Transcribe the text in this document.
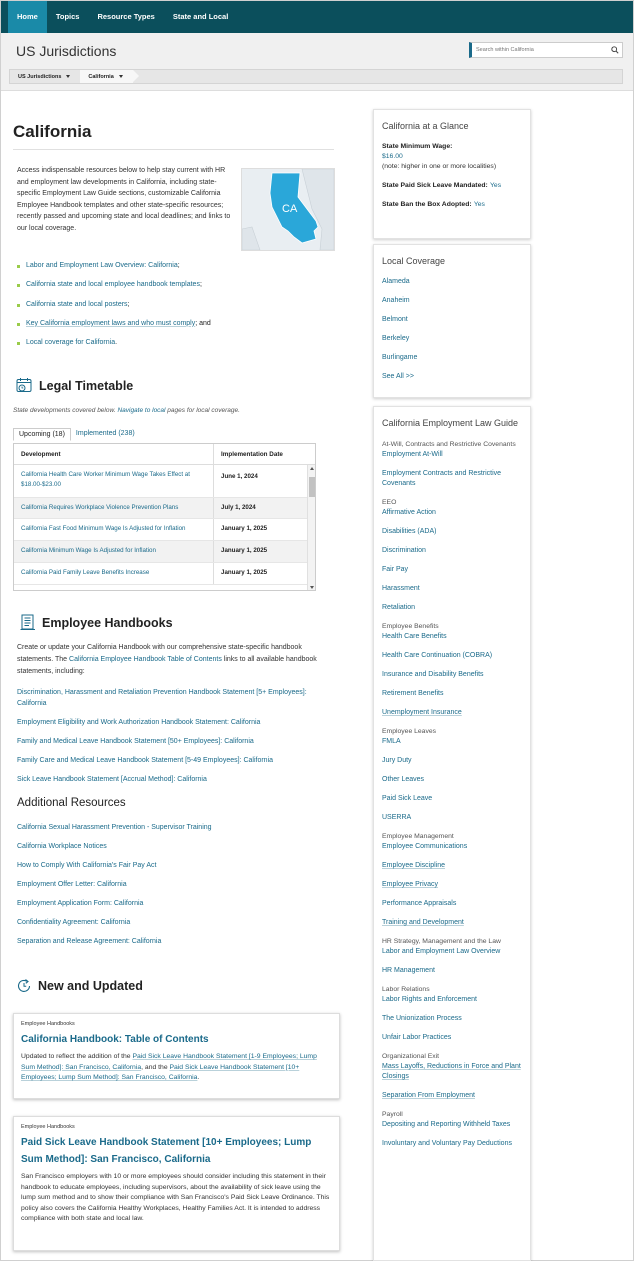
Home	Topics	Resource Types	State and Local
US Jurisdictions
Search within California
US Jurisdictions	California
California
Access indispensable resources below to help stay current with HR and employment law developments in California, including state-specific Employment Law Guide sections, customizable California Employee Handbook templates and other state-specific resources; recently passed and upcoming state and local deadlines; and links to our local coverage.
CA
Labor and Employment Law Overview: California;
California state and local employee handbook templates;
California state and local posters;
Key California employment laws and who must comply; and
Local coverage for California.
Legal Timetable
State developments covered below. Navigate to local pages for local coverage.
Upcoming (18)	Implemented (238)
Development	Implementation Date
California Health Care Worker Minimum Wage Takes Effect at $18.00-$23.00
June 1, 2024
California Requires Workplace Violence Prevention Plans	July 1, 2024
California Fast Food Minimum Wage Is Adjusted for Inflation	January 1, 2025
California Minimum Wage Is Adjusted for Inflation	January 1, 2025
California Paid Family Leave Benefits Increase	January 1, 2025
Employee Handbooks
Create or update your California Handbook with our comprehensive state-specific handbook statements. The California Employee Handbook Table of Contents links to all available handbook statements, including:
Discrimination, Harassment and Retaliation Prevention Handbook Statement [5+ Employees]: California
Employment Eligibility and Work Authorization Handbook Statement: California
Family and Medical Leave Handbook Statement [50+ Employees]: California
Family Care and Medical Leave Handbook Statement [5-49 Employees]: California
Sick Leave Handbook Statement [Accrual Method]: California
Additional Resources
California Sexual Harassment Prevention - Supervisor Training
California Workplace Notices
How to Comply With California's Fair Pay Act
Employment Offer Letter: California
Employment Application Form: California
Confidentiality Agreement: California
Separation and Release Agreement: California
New and Updated
Employee Handbooks
California Handbook: Table of Contents
Updated to reflect the addition of the Paid Sick Leave Handbook Statement [1-9 Employees; Lump Sum Method]: San Francisco, California, and the Paid Sick Leave Handbook Statement [10+ Employees; Lump Sum Method]: San Francisco, California.
Employee Handbooks
Paid Sick Leave Handbook Statement [10+ Employees; Lump Sum Method]: San Francisco, California
San Francisco employers with 10 or more employees should consider including this statement in their handbook to educate employees, including supervisors, about the availability of sick leave using the lump sum method and to show their compliance with San Francisco's Paid Sick Leave Ordinance. This policy also covers the California Healthy Workplaces, Healthy Families Act. It is intended to address compliance with both state and local law.
California at a Glance
State Minimum Wage:
$16.00
(note: higher in one or more localities)
State Paid Sick Leave Mandated: Yes
State Ban the Box Adopted: Yes
Local Coverage
Alameda
Anaheim
Belmont
Berkeley
Burlingame
See All >>
California Employment Law Guide
At-Will, Contracts and Restrictive Covenants
Employment At-Will
Employment Contracts and Restrictive Covenants
EEO
Affirmative Action
Disabilities (ADA)
Discrimination
Fair Pay
Harassment
Retaliation
Employee Benefits
Health Care Benefits
Health Care Continuation (COBRA)
Insurance and Disability Benefits
Retirement Benefits
Unemployment Insurance
Employee Leaves
FMLA
Jury Duty
Other Leaves
Paid Sick Leave
USERRA
Employee Management
Employee Communications
Employee Discipline
Employee Privacy
Performance Appraisals
Training and Development
HR Strategy, Management and the Law
Labor and Employment Law Overview
HR Management
Labor Relations
Labor Rights and Enforcement
The Unionization Process
Unfair Labor Practices
Organizational Exit
Mass Layoffs, Reductions in Force and Plant Closings
Separation From Employment
Payroll
Depositing and Reporting Withheld Taxes
Involuntary and Voluntary Pay Deductions
